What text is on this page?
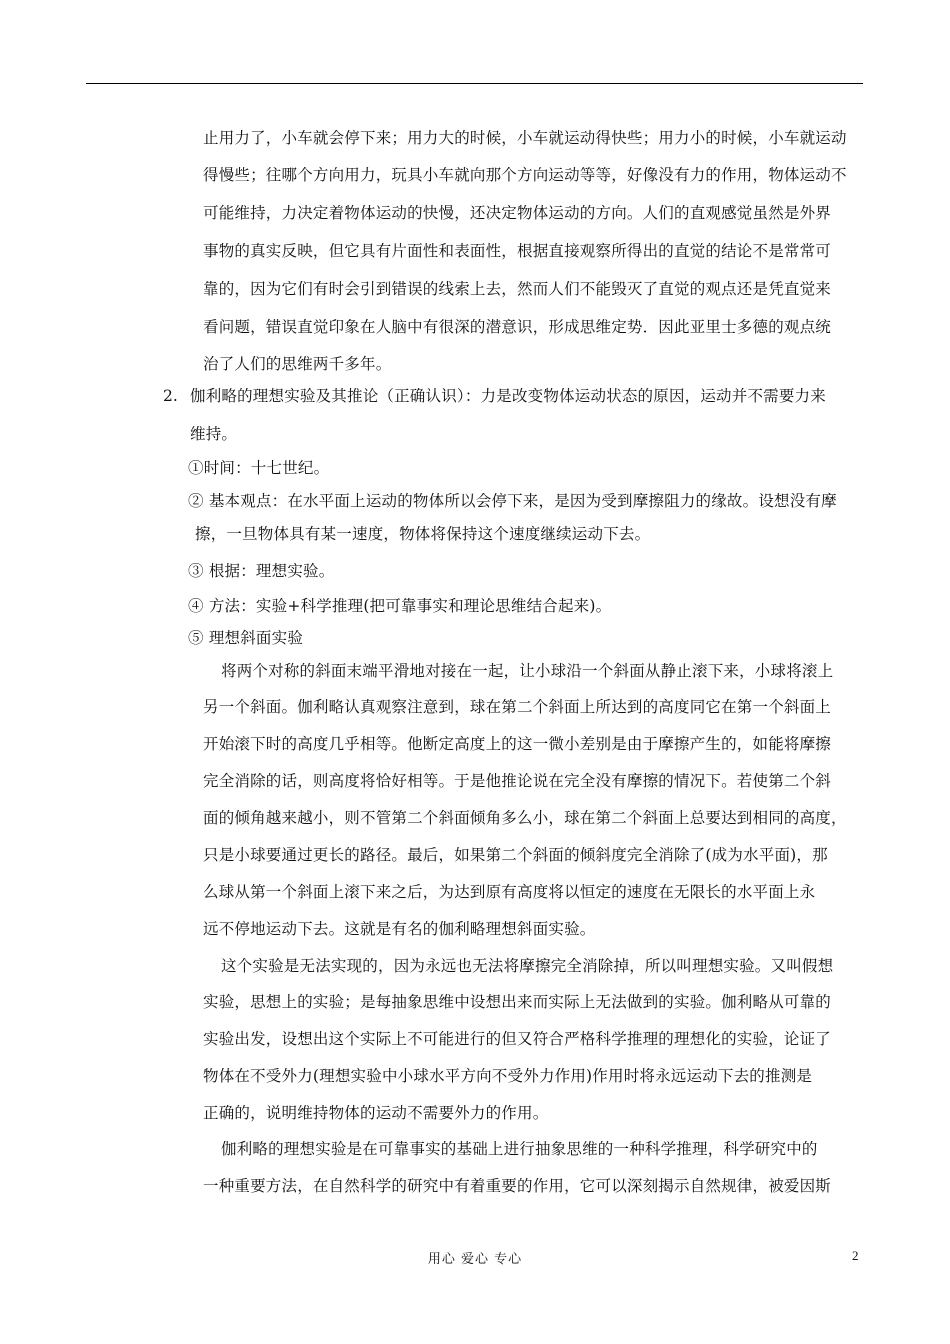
止用力了，小车就会停下来；用力大的时候，小车就运动得快些；用力小的时候，小车就运动
得慢些；往哪个方向用力，玩具小车就向那个方向运动等等，好像没有力的作用，物体运动不
可能维持，力决定着物体运动的快慢，还决定物体运动的方向。人们的直观感觉虽然是外界
事物的真实反映，但它具有片面性和表面性，根据直接观察所得出的直觉的结论不是常常可
靠的，因为它们有时会引到错误的线索上去，然而人们不能毁灭了直觉的观点还是凭直觉来
看问题，错误直觉印象在人脑中有很深的潜意识，形成思维定势．因此亚里士多德的观点统
治了人们的思维两千多年。
2. 伽利略的理想实验及其推论（正确认识）：力是改变物体运动状态的原因，运动并不需要力来
维持。
①时间：十七世纪。
② 基本观点：在水平面上运动的物体所以会停下来，是因为受到摩擦阻力的缘故。设想没有摩
擦，一旦物体具有某一速度，物体将保持这个速度继续运动下去。
③ 根据：理想实验。
④ 方法：实验+科学推理(把可靠事实和理论思维结合起来)。
⑤ 理想斜面实验
将两个对称的斜面末端平滑地对接在一起，让小球沿一个斜面从静止滚下来，小球将滚上
另一个斜面。伽利略认真观察注意到，球在第二个斜面上所达到的高度同它在第一个斜面上
开始滚下时的高度几乎相等。他断定高度上的这一微小差别是由于摩擦产生的，如能将摩擦
完全消除的话，则高度将恰好相等。于是他推论说在完全没有摩擦的情况下。若使第二个斜
面的倾角越来越小，则不管第二个斜面倾角多么小，球在第二个斜面上总要达到相同的高度，
只是小球要通过更长的路径。最后，如果第二个斜面的倾斜度完全消除了(成为水平面)，那
么球从第一个斜面上滚下来之后，为达到原有高度将以恒定的速度在无限长的水平面上永
远不停地运动下去。这就是有名的伽利略理想斜面实验。
这个实验是无法实现的，因为永远也无法将摩擦完全消除掉，所以叫理想实验。又叫假想
实验，思想上的实验；是每抽象思维中设想出来而实际上无法做到的实验。伽利略从可靠的
实验出发，设想出这个实际上不可能进行的但又符合严格科学推理的理想化的实验，论证了
物体在不受外力(理想实验中小球水平方向不受外力作用)作用时将永远运动下去的推测是
正确的，说明维持物体的运动不需要外力的作用。
伽利略的理想实验是在可靠事实的基础上进行抽象思维的一种科学推理，科学研究中的
一种重要方法，在自然科学的研究中有着重要的作用，它可以深刻揭示自然规律，被爱因斯
用心 爱心 专心	2
